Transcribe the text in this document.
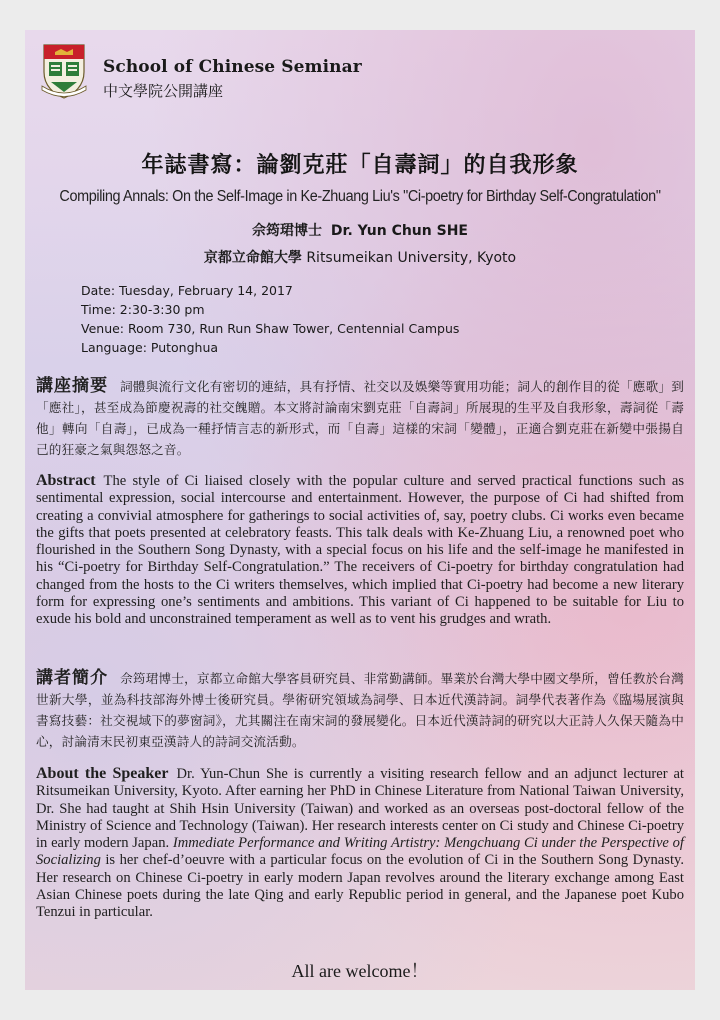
School of Chinese Seminar
中文學院公開講座
年誌書寫：論劉克莊「自壽詞」的自我形象
Compiling Annals: On the Self-Image in Ke-Zhuang Liu's "Ci-poetry for Birthday Self-Congratulation"
佘筠珺博士 Dr. Yun Chun SHE
京都立命館大學 Ritsumeikan University, Kyoto
Date: Tuesday, February 14, 2017
Time: 2:30-3:30 pm
Venue: Room 730, Run Run Shaw Tower, Centennial Campus
Language: Putonghua
講座摘要 詞體與流行文化有密切的連結，具有抒情、社交以及娛樂等實用功能；詞人的創作目的從「應歌」到「應社」，甚至成為節慶祝壽的社交餽贈。本文將討論南宋劉克莊「自壽詞」所展現的生平及自我形象，壽詞從「壽他」轉向「自壽」，已成為一種抒情言志的新形式，而「自壽」這樣的宋詞「變體」，正適合劉克莊在新變中張揚自己的狂豪之氣與怨怒之音。
Abstract The style of Ci liaised closely with the popular culture and served practical functions such as sentimental expression, social intercourse and entertainment. However, the purpose of Ci had shifted from creating a convivial atmosphere for gatherings to social activities of, say, poetry clubs. Ci works even became the gifts that poets presented at celebratory feasts. This talk deals with Ke-Zhuang Liu, a renowned poet who flourished in the Southern Song Dynasty, with a special focus on his life and the self-image he manifested in his “Ci-poetry for Birthday Self-Congratulation.” The receivers of Ci-poetry for birthday congratulation had changed from the hosts to the Ci writers themselves, which implied that Ci-poetry had become a new literary form for expressing one’s sentiments and ambitions. This variant of Ci happened to be suitable for Liu to exude his bold and unconstrained temperament as well as to vent his grudges and wrath.
講者簡介 佘筠珺博士，京都立命館大學客員研究員、非常勤講師。畢業於台灣大學中國文學所，曾任教於台灣世新大學，並為科技部海外博士後研究員。學術研究領域為詞學、日本近代漢詩詞。詞學代表著作為《臨場展演與書寫技藝：社交視域下的夢窗詞》，尤其關注在南宋詞的發展變化。日本近代漢詩詞的研究以大正詩人久保天隨為中心，討論清末民初東亞漢詩人的詩詞交流活動。
About the Speaker Dr. Yun-Chun She is currently a visiting research fellow and an adjunct lecturer at Ritsumeikan University, Kyoto. After earning her PhD in Chinese Literature from National Taiwan University, Dr. She had taught at Shih Hsin University (Taiwan) and worked as an overseas post-doctoral fellow of the Ministry of Science and Technology (Taiwan). Her research interests center on Ci study and Chinese Ci-poetry in early modern Japan. Immediate Performance and Writing Artistry: Mengchuang Ci under the Perspective of Socializing is her chef-d’oeuvre with a particular focus on the evolution of Ci in the Southern Song Dynasty. Her research on Chinese Ci-poetry in early modern Japan revolves around the literary exchange among East Asian Chinese poets during the late Qing and early Republic period in general, and the Japanese poet Kubo Tenzui in particular.
All are welcome！
